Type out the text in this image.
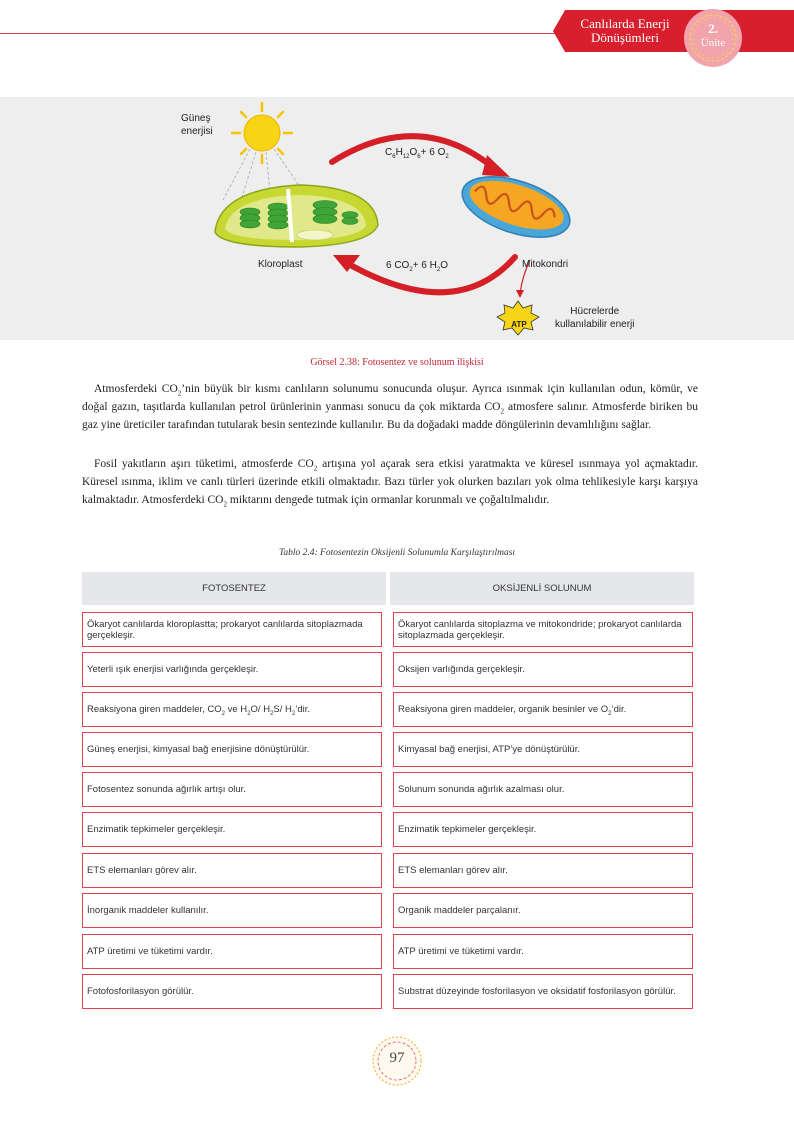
Canlılarda Enerji
Dönüşümleri
2.
Ünite
Güneş
enerjisi
Kloroplast	Mitokondri
ATP
Hücrelerde
kullanılabilir enerji
$C_6H_{12}O_6+ 6$ $O_2$
6 $CO_2+ 6$ $H_2O$
Görsel 2.38: Fotosentez ve solunum ilişkisi

Atmosferdeki $CO_2’nin$ büyük bir kısmı canlıların solunumu sonucunda oluşur. Ayrıca ısınmak için kullanılan odun, kömür, ve doğal gazın, taşıtlarda kullanılan petrol ürünlerinin yanması sonucu da çok miktarda $CO_2$ atmosfere salınır. Atmosferde biriken bu gaz yine üreticiler tarafından tutularak besin sentezinde kullanılır. Bu da doğadaki madde döngülerinin devamlılığını sağlar.

Fosil yakıtların aşırı tüketimi, atmosferde $CO_2$ artışına yol açarak sera etkisi yaratmakta ve küresel ısınmaya yol açmaktadır. Küresel ısınma, iklim ve canlı türleri üzerinde etkili olmaktadır. Bazı türler yok olurken bazıları yok olma tehlikesiyle karşı karşıya kalmaktadır. Atmosferdeki $CO_2$ miktarını dengede tutmak için ormanlar korunmalı ve çoğaltılmalıdır.

Tablo 2.4: Fotosentezin Oksijenli Solunumla Karşılaştırılması
FOTOSENTEZ	OKSİJENLİ SOLUNUM
Ökaryot canlılarda kloroplastta; prokaryot canlılarda sitoplazmada gerçekleşir.
Yeterli ışık enerjisi varlığında gerçekleşir.
Reaksiyona giren maddeler, $CO_2$ ve $H_2O/$ $H_2S/$ $H_2’dir$.
Güneş enerjisi, kimyasal bağ enerjisine dönüştürülür.
Fotosentez sonunda ağırlık artışı olur.
Enzimatik tepkimeler gerçekleşir.
ETS elemanları görev alır.
İnorganik maddeler kullanılır.
ATP üretimi ve tüketimi vardır.
Fotofosforilasyon görülür.
Ökaryot canlılarda sitoplazma ve mitokondride; prokaryot canlılarda sitoplazmada gerçekleşir.
Oksijen varlığında gerçekleşir.
Reaksiyona giren maddeler, organik besinler ve $O_2’dir$.
Kimyasal bağ enerjisi, ATP’ye dönüştürülür.
Solunum sonunda ağırlık azalması olur.
Enzimatik tepkimeler gerçekleşir.
ETS elemanları görev alır.
Organik maddeler parçalanır.
ATP üretimi ve tüketimi vardır.
Substrat düzeyinde fosforilasyon ve oksidatif fosforilasyon görülür.
97
